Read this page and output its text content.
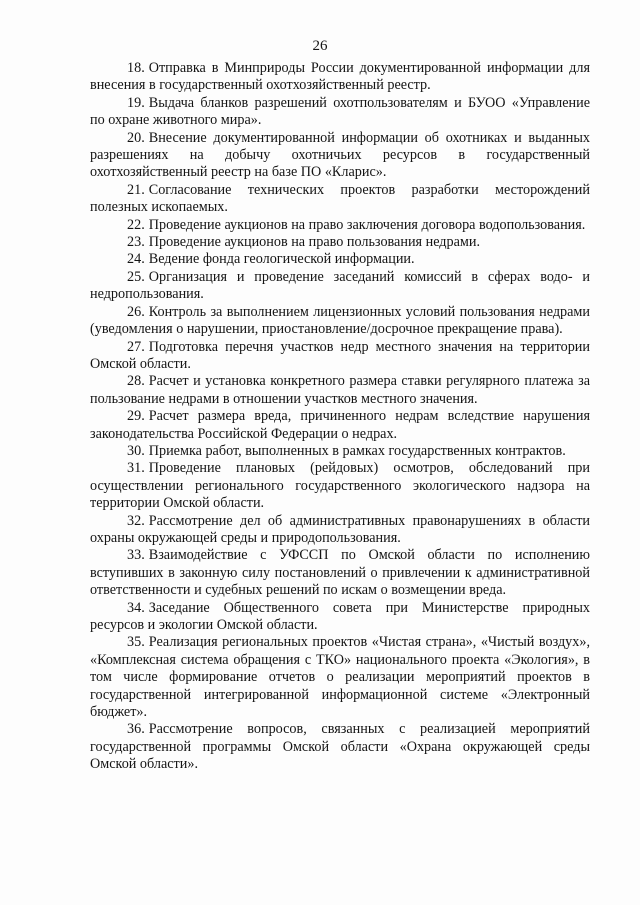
26

18. Отправка в Минприроды России документированной информации для внесения в государственный охотхозяйственный реестр.

19. Выдача бланков разрешений охотпользователям и БУОО «Управление по охране животного мира».

20. Внесение документированной информации об охотниках и выданных разрешениях на добычу охотничьих ресурсов в государственный охотхозяйственный реестр на базе ПО «Кларис».

21. Согласование технических проектов разработки месторождений полезных ископаемых.

22. Проведение аукционов на право заключения договора водопользования.

23. Проведение аукционов на право пользования недрами.

24. Ведение фонда геологической информации.

25. Организация и проведение заседаний комиссий в сферах водо- и недропользования.

26. Контроль за выполнением лицензионных условий пользования недрами (уведомления о нарушении, приостановление/досрочное прекращение права).

27. Подготовка перечня участков недр местного значения на территории Омской области.

28. Расчет и установка конкретного размера ставки регулярного платежа за пользование недрами в отношении участков местного значения.

29. Расчет размера вреда, причиненного недрам вследствие нарушения законодательства Российской Федерации о недрах.

30. Приемка работ, выполненных в рамках государственных контрактов.

31. Проведение плановых (рейдовых) осмотров, обследований при осуществлении регионального государственного экологического надзора на территории Омской области.

32. Рассмотрение дел об административных правонарушениях в области охраны окружающей среды и природопользования.

33. Взаимодействие с УФССП по Омской области по исполнению вступивших в законную силу постановлений о привлечении к административной ответственности и судебных решений по искам о возмещении вреда.

34. Заседание Общественного совета при Министерстве природных ресурсов и экологии Омской области.

35. Реализация региональных проектов «Чистая страна», «Чистый воздух», «Комплексная система обращения с ТКО» национального проекта «Экология», в том числе формирование отчетов о реализации мероприятий проектов в государственной интегрированной информационной системе «Электронный бюджет».

36. Рассмотрение вопросов, связанных с реализацией мероприятий государственной программы Омской области «Охрана окружающей среды Омской области».
